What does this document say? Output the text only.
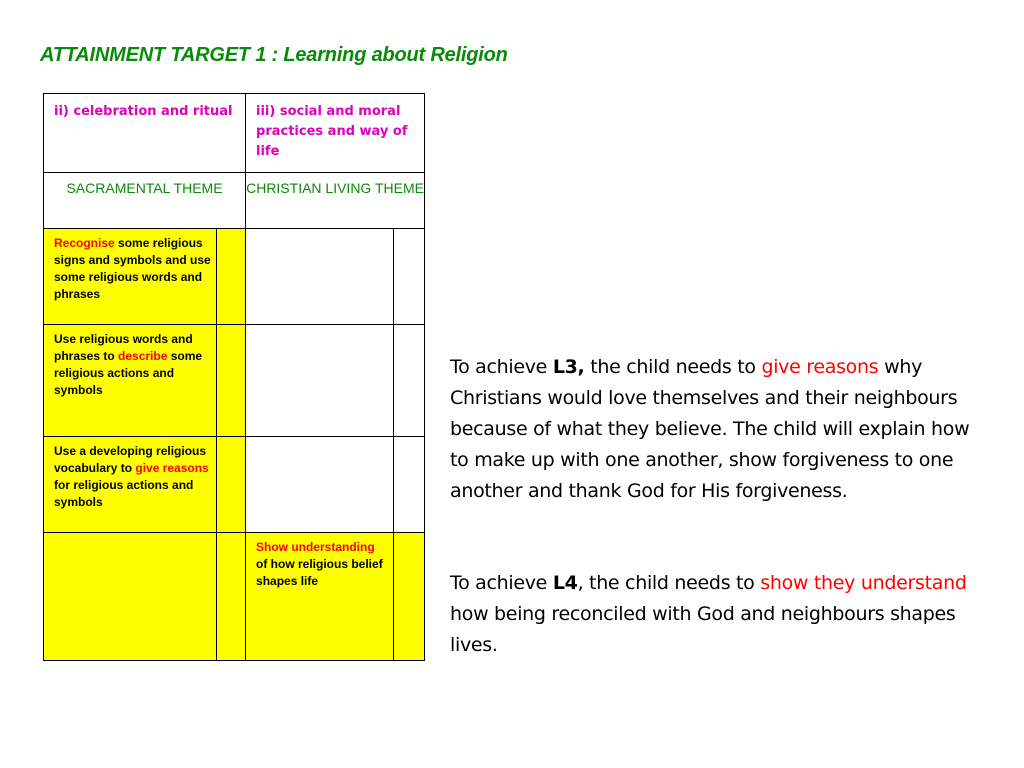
ATTAINMENT TARGET 1 : Learning about Religion
ii) celebration and ritual		iii) social and moral practices and way of life	
SACRAMENTAL THEME		CHRISTIAN LIVING THEME	
Recognise some religious signs and symbols and use some religious words and phrases			
Use religious words and phrases to describe some religious actions and symbols			
Use a developing religious vocabulary to give reasons for religious actions and symbols			
		Show understanding of how religious belief shapes life	
To achieve L3, the child needs to give reasons why Christians would love themselves and their neighbours because of what they believe. The child will explain how to make up with one another, show forgiveness to one another and thank God for His forgiveness.
To achieve L4, the child needs to show they understand how being reconciled with God and neighbours shapes lives.
